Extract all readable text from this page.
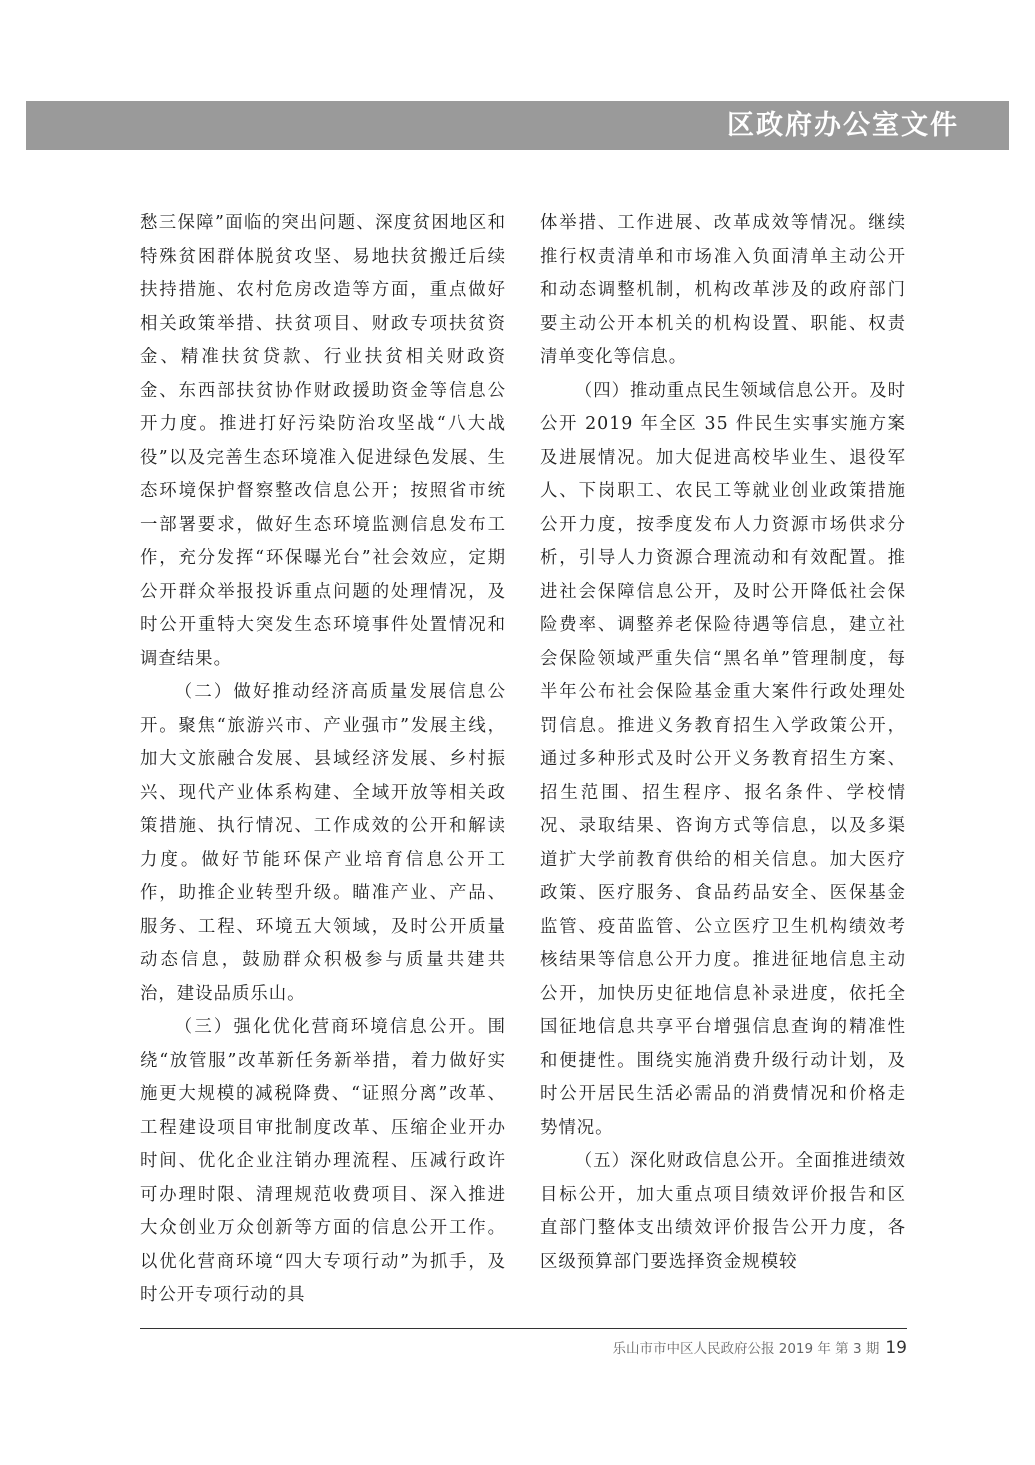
区政府办公室文件

愁三保障”面临的突出问题、深度贫困地区和特殊贫困群体脱贫攻坚、易地扶贫搬迁后续扶持措施、农村危房改造等方面，重点做好相关政策举措、扶贫项目、财政专项扶贫资金、精准扶贫贷款、行业扶贫相关财政资金、东西部扶贫协作财政援助资金等信息公开力度。推进打好污染防治攻坚战“八大战役”以及完善生态环境准入促进绿色发展、生态环境保护督察整改信息公开；按照省市统一部署要求，做好生态环境监测信息发布工作，充分发挥“环保曝光台”社会效应，定期公开群众举报投诉重点问题的处理情况，及时公开重特大突发生态环境事件处置情况和调查结果。

（二）做好推动经济高质量发展信息公开。聚焦“旅游兴市、产业强市”发展主线，加大文旅融合发展、县域经济发展、乡村振兴、现代产业体系构建、全域开放等相关政策措施、执行情况、工作成效的公开和解读力度。做好节能环保产业培育信息公开工作，助推企业转型升级。瞄准产业、产品、服务、工程、环境五大领域，及时公开质量动态信息，鼓励群众积极参与质量共建共治，建设品质乐山。

（三）强化优化营商环境信息公开。围绕“放管服”改革新任务新举措，着力做好实施更大规模的减税降费、“证照分离”改革、工程建设项目审批制度改革、压缩企业开办时间、优化企业注销办理流程、压减行政许可办理时限、清理规范收费项目、深入推进大众创业万众创新等方面的信息公开工作。以优化营商环境“四大专项行动”为抓手，及时公开专项行动的具

体举措、工作进展、改革成效等情况。继续推行权责清单和市场准入负面清单主动公开和动态调整机制，机构改革涉及的政府部门要主动公开本机关的机构设置、职能、权责清单变化等信息。

（四）推动重点民生领域信息公开。及时公开 2019 年全区 35 件民生实事实施方案及进展情况。加大促进高校毕业生、退役军人、下岗职工、农民工等就业创业政策措施公开力度，按季度发布人力资源市场供求分析，引导人力资源合理流动和有效配置。推进社会保障信息公开，及时公开降低社会保险费率、调整养老保险待遇等信息，建立社会保险领域严重失信“黑名单”管理制度，每半年公布社会保险基金重大案件行政处理处罚信息。推进义务教育招生入学政策公开，通过多种形式及时公开义务教育招生方案、招生范围、招生程序、报名条件、学校情况、录取结果、咨询方式等信息，以及多渠道扩大学前教育供给的相关信息。加大医疗政策、医疗服务、食品药品安全、医保基金监管、疫苗监管、公立医疗卫生机构绩效考核结果等信息公开力度。推进征地信息主动公开，加快历史征地信息补录进度，依托全国征地信息共享平台增强信息查询的精准性和便捷性。围绕实施消费升级行动计划，及时公开居民生活必需品的消费情况和价格走势情况。

（五）深化财政信息公开。全面推进绩效目标公开，加大重点项目绩效评价报告和区直部门整体支出绩效评价报告公开力度，各区级预算部门要选择资金规模较

乐山市市中区人民政府公报 2019 年 第 3 期 19
